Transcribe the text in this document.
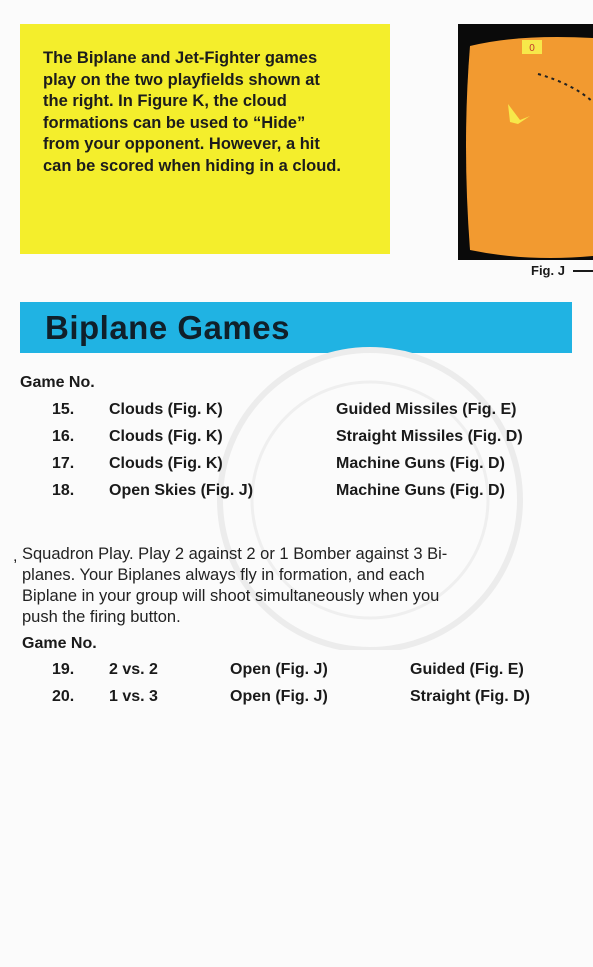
The Biplane and Jet-Fighter games
play on the two playfields shown at
the right. In Figure K, the cloud
formations can be used to “Hide”
from your opponent. However, a hit
can be scored when hiding in a cloud.
0
Fig. J
Biplane Games
Game No.
15. Clouds (Fig. K)	Guided Missiles (Fig. E)
16. Clouds (Fig. K)	Straight Missiles (Fig. D)
17. Clouds (Fig. K)	Machine Guns (Fig. D)
18. Open Skies (Fig. J)	Machine Guns (Fig. D)
, Squadron Play. Play 2 against 2 or 1 Bomber against 3 Bi-
planes. Your Biplanes always fly in formation, and each
Biplane in your group will shoot simultaneously when you
push the firing button.
Game No.
19. 2 vs. 2	Open (Fig. J)	Guided (Fig. E)
20. 1 vs. 3	Open (Fig. J)	Straight (Fig. D)
